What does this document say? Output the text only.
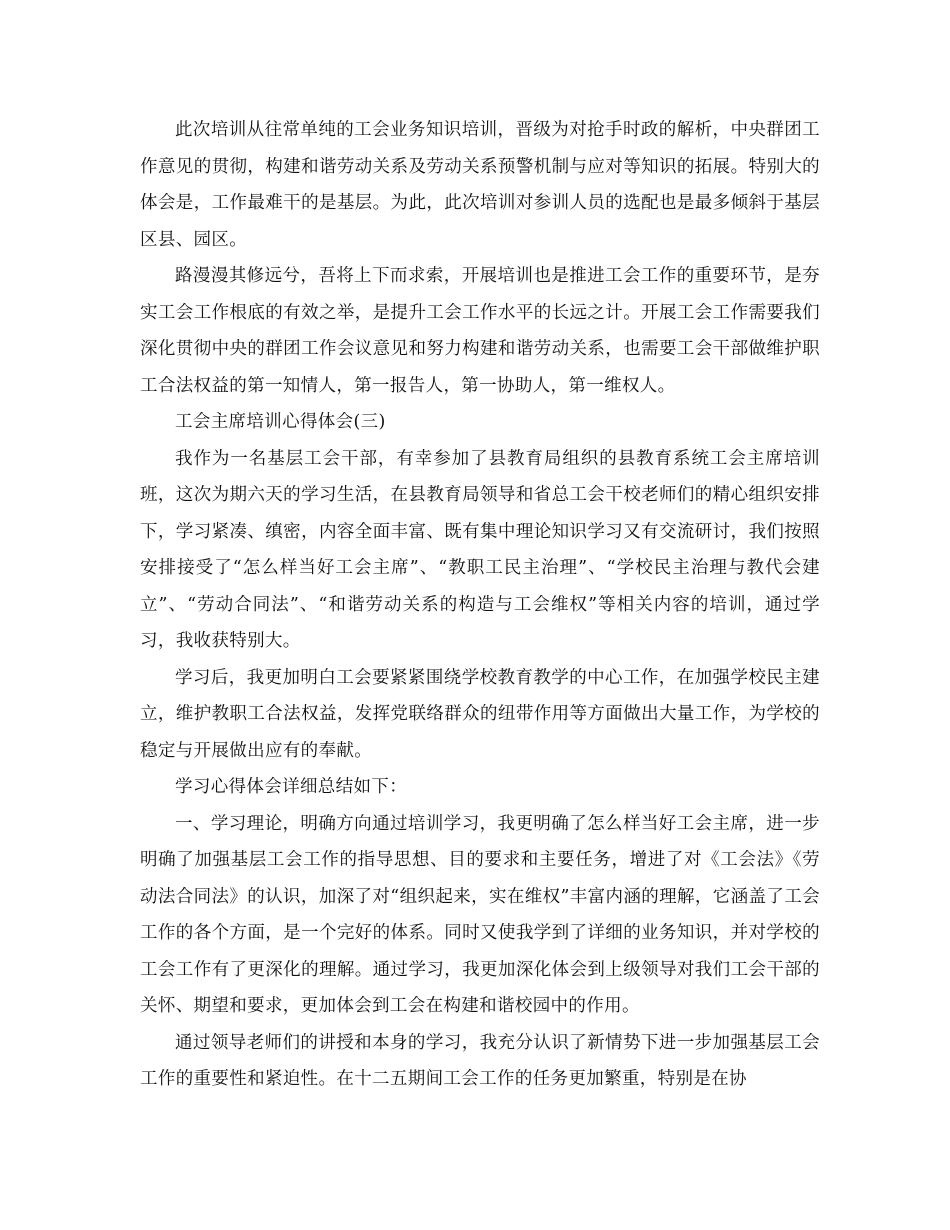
此次培训从往常单纯的工会业务知识培训，晋级为对抢手时政的解析，中央群团工作意见的贯彻，构建和谐劳动关系及劳动关系预警机制与应对等知识的拓展。特别大的体会是，工作最难干的是基层。为此，此次培训对参训人员的选配也是最多倾斜于基层区县、园区。

路漫漫其修远兮，吾将上下而求索，开展培训也是推进工会工作的重要环节，是夯实工会工作根底的有效之举，是提升工会工作水平的长远之计。开展工会工作需要我们深化贯彻中央的群团工作会议意见和努力构建和谐劳动关系，也需要工会干部做维护职工合法权益的第一知情人，第一报告人，第一协助人，第一维权人。

工会主席培训心得体会(三)

我作为一名基层工会干部，有幸参加了县教育局组织的县教育系统工会主席培训班，这次为期六天的学习生活，在县教育局领导和省总工会干校老师们的精心组织安排下，学习紧凑、缜密，内容全面丰富、既有集中理论知识学习又有交流研讨，我们按照安排接受了“怎么样当好工会主席”、“教职工民主治理”、“学校民主治理与教代会建立”、“劳动合同法”、“和谐劳动关系的构造与工会维权”等相关内容的培训，通过学习，我收获特别大。

学习后，我更加明白工会要紧紧围绕学校教育教学的中心工作，在加强学校民主建立，维护教职工合法权益，发挥党联络群众的纽带作用等方面做出大量工作，为学校的稳定与开展做出应有的奉献。

学习心得体会详细总结如下：

一、学习理论，明确方向通过培训学习，我更明确了怎么样当好工会主席，进一步明确了加强基层工会工作的指导思想、目的要求和主要任务，增进了对《工会法》《劳动法合同法》的认识，加深了对“组织起来，实在维权”丰富内涵的理解，它涵盖了工会工作的各个方面，是一个完好的体系。同时又使我学到了详细的业务知识，并对学校的工会工作有了更深化的理解。通过学习，我更加深化体会到上级领导对我们工会干部的关怀、期望和要求，更加体会到工会在构建和谐校园中的作用。

通过领导老师们的讲授和本身的学习，我充分认识了新情势下进一步加强基层工会工作的重要性和紧迫性。在十二五期间工会工作的任务更加繁重，特别是在协
